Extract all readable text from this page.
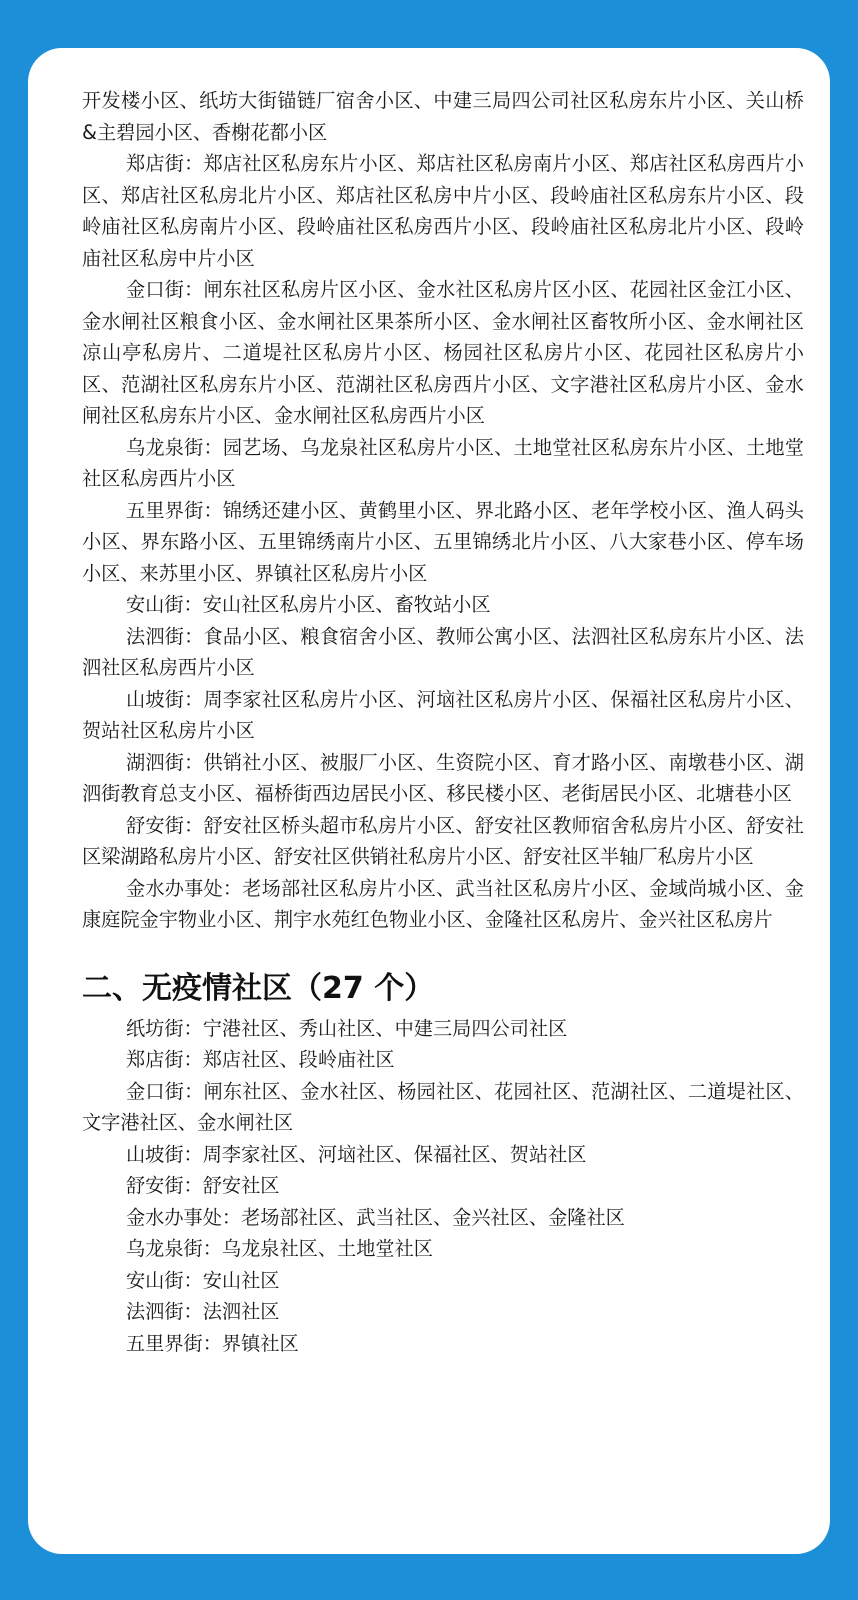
开发楼小区、纸坊大街锚链厂宿舍小区、中建三局四公司社区私房东片小区、关山桥 &主碧园小区、香榭花都小区

郑店街：郑店社区私房东片小区、郑店社区私房南片小区、郑店社区私房西片小区、郑店社区私房北片小区、郑店社区私房中片小区、段岭庙社区私房东片小区、段岭庙社区私房南片小区、段岭庙社区私房西片小区、段岭庙社区私房北片小区、段岭庙社区私房中片小区

金口街：闸东社区私房片区小区、金水社区私房片区小区、花园社区金江小区、金水闸社区粮食小区、金水闸社区果茶所小区、金水闸社区畜牧所小区、金水闸社区凉山亭私房片、二道堤社区私房片小区、杨园社区私房片小区、花园社区私房片小区、范湖社区私房东片小区、范湖社区私房西片小区、文字港社区私房片小区、金水闸社区私房东片小区、金水闸社区私房西片小区

乌龙泉街：园艺场、乌龙泉社区私房片小区、土地堂社区私房东片小区、土地堂社区私房西片小区

五里界街：锦绣还建小区、黄鹤里小区、界北路小区、老年学校小区、渔人码头小区、界东路小区、五里锦绣南片小区、五里锦绣北片小区、八大家巷小区、停车场小区、来苏里小区、界镇社区私房片小区

安山街：安山社区私房片小区、畜牧站小区

法泗街：食品小区、粮食宿舍小区、教师公寓小区、法泗社区私房东片小区、法泗社区私房西片小区

山坡街：周李家社区私房片小区、河垴社区私房片小区、保福社区私房片小区、贺站社区私房片小区

湖泗街：供销社小区、被服厂小区、生资院小区、育才路小区、南墩巷小区、湖泗街教育总支小区、福桥街西边居民小区、移民楼小区、老街居民小区、北塘巷小区

舒安街：舒安社区桥头超市私房片小区、舒安社区教师宿舍私房片小区、舒安社区梁湖路私房片小区、舒安社区供销社私房片小区、舒安社区半轴厂私房片小区

金水办事处：老场部社区私房片小区、武当社区私房片小区、金域尚城小区、金康庭院金宇物业小区、荆宇水苑红色物业小区、金隆社区私房片、金兴社区私房片

二、无疫情社区（27 个）

纸坊街：宁港社区、秀山社区、中建三局四公司社区

郑店街：郑店社区、段岭庙社区

金口街：闸东社区、金水社区、杨园社区、花园社区、范湖社区、二道堤社区、文字港社区、金水闸社区

山坡街：周李家社区、河垴社区、保福社区、贺站社区

舒安街：舒安社区

金水办事处：老场部社区、武当社区、金兴社区、金隆社区

乌龙泉街：乌龙泉社区、土地堂社区

安山街：安山社区

法泗街：法泗社区

五里界街：界镇社区
